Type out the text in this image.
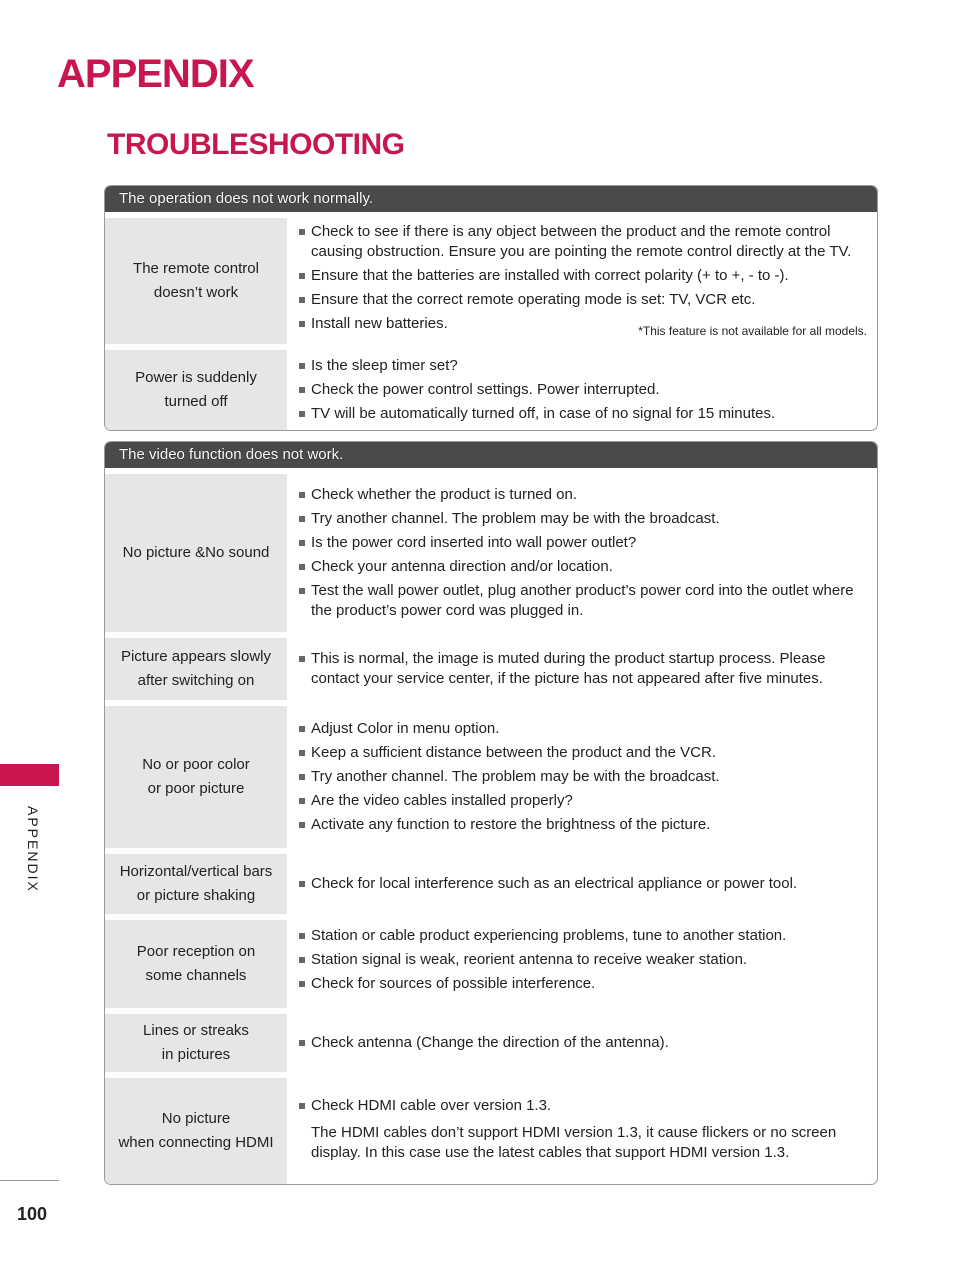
APPENDIX
TROUBLESHOOTING
The operation does not work normally.
The remote control
doesn’t work
Check to see if there is any object between the product and the remote control causing obstruction. Ensure you are pointing the remote control directly at the TV.
Ensure that the batteries are installed with correct polarity (+ to +, - to -).
Ensure that the correct remote operating mode is set: TV, VCR etc.
Install new batteries.	*This feature is not available for all models.
Power is suddenly
turned off
Is the sleep timer set?
Check the power control settings. Power interrupted.
TV will be automatically turned off, in case of no signal for 15 minutes.
The video function does not work.
No picture &No sound
Check whether the product is turned on.
Try another channel. The problem may be with the broadcast.
Is the power cord inserted into wall power outlet?
Check your antenna direction and/or location.
Test the wall power outlet, plug another product’s power cord into the outlet where the product’s power cord was plugged in.
Picture appears slowly
after switching on
This is normal, the image is muted during the product startup process. Please contact your service center, if the picture has not appeared after five minutes.
No or poor color
or poor picture
Adjust Color in menu option.
Keep a sufficient distance between the product and the VCR.
Try another channel. The problem may be with the broadcast.
Are the video cables installed properly?
Activate any function to restore the brightness of the picture.
Horizontal/vertical bars
or picture shaking
Check for local interference such as an electrical appliance or power tool.
Poor reception on
some channels
Station or cable product experiencing problems, tune to another station.
Station signal is weak, reorient antenna to receive weaker station.
Check for sources of possible interference.
Lines or streaks
in pictures
Check antenna (Change the direction of the antenna).
No picture
when connecting HDMI
Check HDMI cable over version 1.3.
The HDMI cables don’t support HDMI version 1.3, it cause flickers or no screen display. In this case use the latest cables that support HDMI version 1.3.
APPENDIX
100
